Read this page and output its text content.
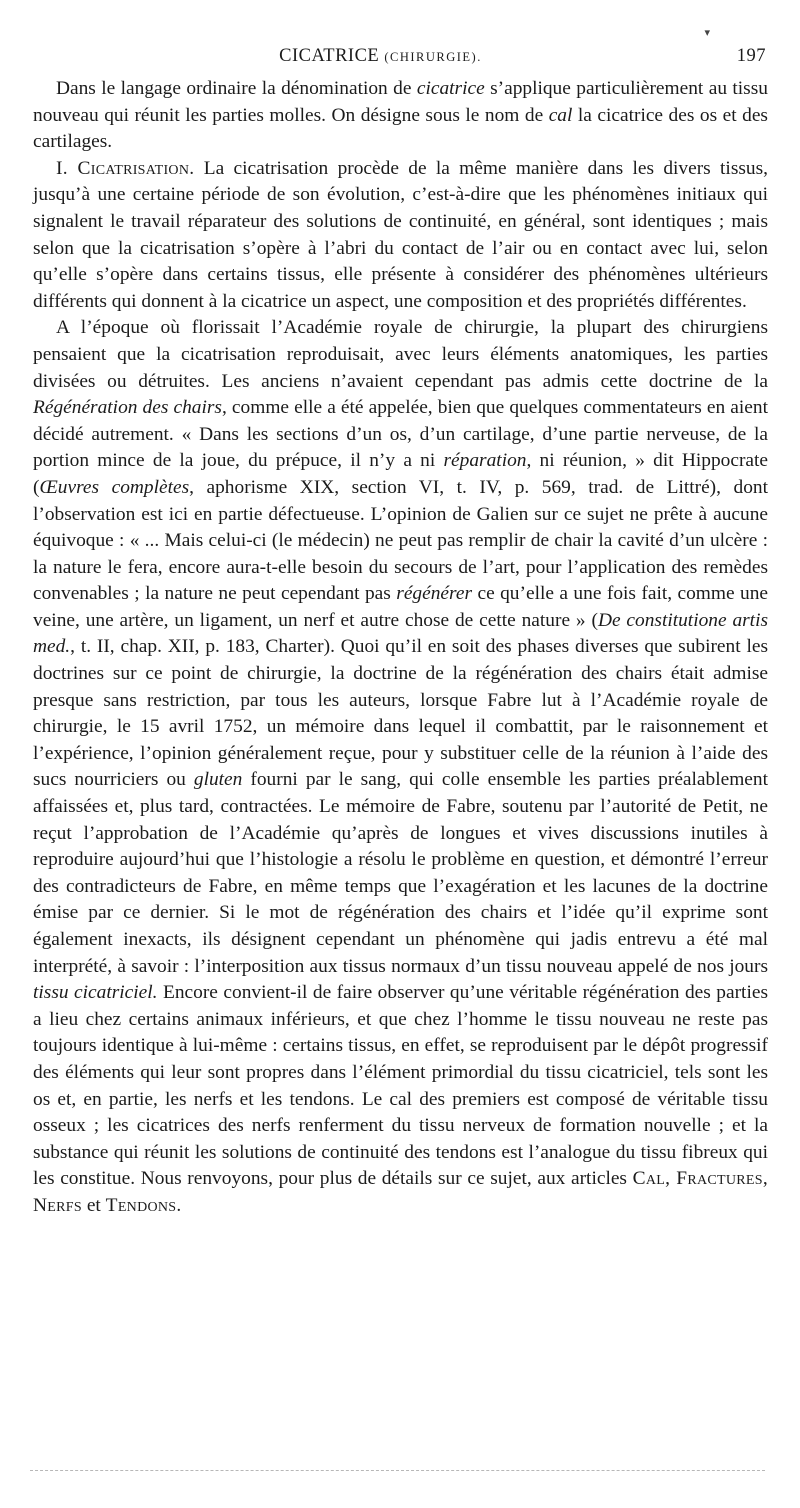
▾
CICATRICE (CHIRURGIE).	197

Dans le langage ordinaire la dénomination de cicatrice s’applique particulièrement au tissu nouveau qui réunit les parties molles. On désigne sous le nom de cal la cicatrice des os et des cartilages.

I. Cicatrisation. La cicatrisation procède de la même manière dans les divers tissus, jusqu’à une certaine période de son évolution, c’est-à-dire que les phénomènes initiaux qui signalent le travail réparateur des solutions de continuité, en général, sont identiques ; mais selon que la cicatrisation s’opère à l’abri du contact de l’air ou en contact avec lui, selon qu’elle s’opère dans certains tissus, elle présente à considérer des phénomènes ultérieurs différents qui donnent à la cicatrice un aspect, une composition et des propriétés différentes.

A l’époque où florissait l’Académie royale de chirurgie, la plupart des chirurgiens pensaient que la cicatrisation reproduisait, avec leurs éléments anatomiques, les parties divisées ou détruites. Les anciens n’avaient cependant pas admis cette doctrine de la Régénération des chairs, comme elle a été appelée, bien que quelques commentateurs en aient décidé autrement. « Dans les sections d’un os, d’un cartilage, d’une partie nerveuse, de la portion mince de la joue, du prépuce, il n’y a ni réparation, ni réunion, » dit Hippocrate (Œuvres complètes, aphorisme XIX, section VI, t. IV, p. 569, trad. de Littré), dont l’observation est ici en partie défectueuse. L’opinion de Galien sur ce sujet ne prête à aucune équivoque : « ... Mais celui-ci (le médecin) ne peut pas remplir de chair la cavité d’un ulcère : la nature le fera, encore aura-t-elle besoin du secours de l’art, pour l’application des remèdes convenables ; la nature ne peut cependant pas régénérer ce qu’elle a une fois fait, comme une veine, une artère, un ligament, un nerf et autre chose de cette nature » (De constitutione artis med., t. II, chap. XII, p. 183, Charter). Quoi qu’il en soit des phases diverses que subirent les doctrines sur ce point de chirurgie, la doctrine de la régénération des chairs était admise presque sans restriction, par tous les auteurs, lorsque Fabre lut à l’Académie royale de chirurgie, le 15 avril 1752, un mémoire dans lequel il combattit, par le raisonnement et l’expérience, l’opinion généralement reçue, pour y substituer celle de la réunion à l’aide des sucs nourriciers ou gluten fourni par le sang, qui colle ensemble les parties préalablement affaissées et, plus tard, contractées. Le mémoire de Fabre, soutenu par l’autorité de Petit, ne reçut l’approbation de l’Académie qu’après de longues et vives discussions inutiles à reproduire aujourd’hui que l’histologie a résolu le problème en question, et démontré l’erreur des contradicteurs de Fabre, en même temps que l’exagération et les lacunes de la doctrine émise par ce dernier. Si le mot de régénération des chairs et l’idée qu’il exprime sont également inexacts, ils désignent cependant un phénomène qui jadis entrevu a été mal interprété, à savoir : l’interposition aux tissus normaux d’un tissu nouveau appelé de nos jours tissu cicatriciel. Encore convient-il de faire observer qu’une véritable régénération des parties a lieu chez certains animaux inférieurs, et que chez l’homme le tissu nouveau ne reste pas toujours identique à lui-même : certains tissus, en effet, se reproduisent par le dépôt progressif des éléments qui leur sont propres dans l’élément primordial du tissu cicatriciel, tels sont les os et, en partie, les nerfs et les tendons. Le cal des premiers est composé de véritable tissu osseux ; les cicatrices des nerfs renferment du tissu nerveux de formation nouvelle ; et la substance qui réunit les solutions de continuité des tendons est l’analogue du tissu fibreux qui les constitue. Nous renvoyons, pour plus de détails sur ce sujet, aux articles Cal, Fractures, Nerfs et Tendons.
